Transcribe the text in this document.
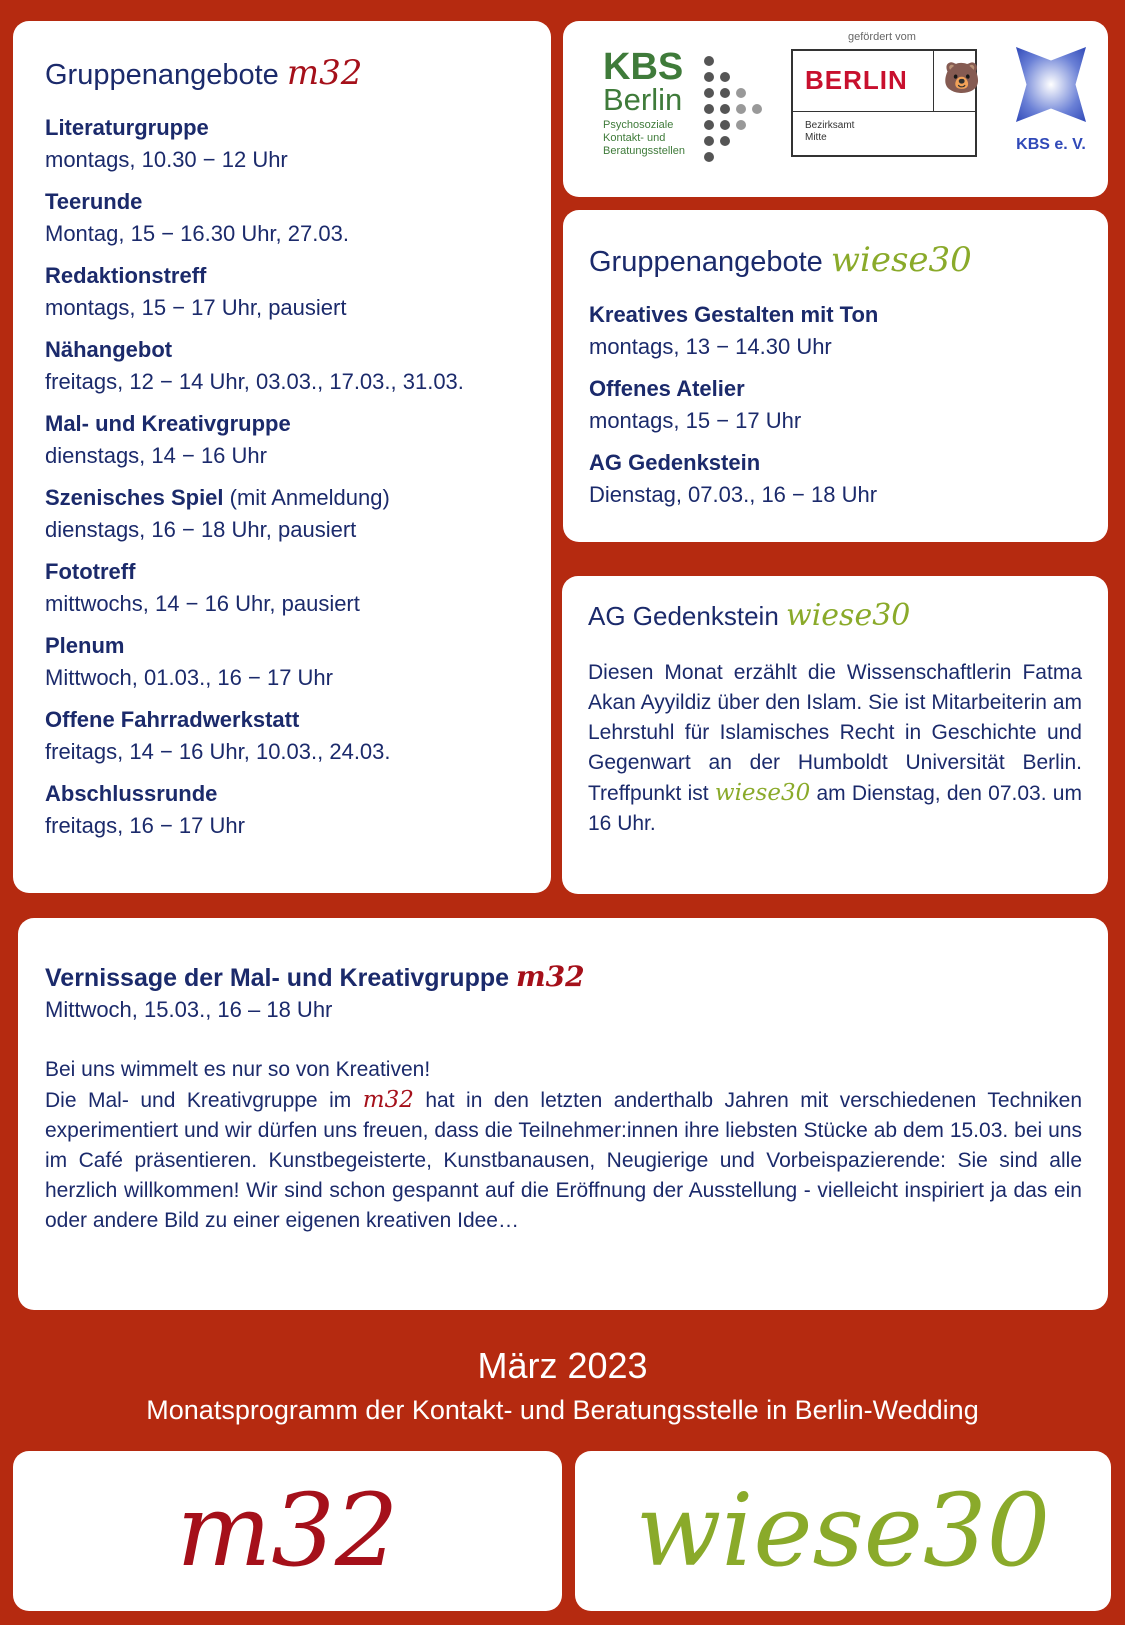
Gruppenangebote m32
Literaturgruppe
montags, 10.30 − 12 Uhr
Teerunde
Montag, 15 − 16.30 Uhr, 27.03.
Redaktionstreff
montags, 15 − 17 Uhr, pausiert
Nähangebot
freitags, 12 − 14 Uhr, 03.03., 17.03., 31.03.
Mal- und Kreativgruppe
dienstags, 14 − 16 Uhr
Szenisches Spiel (mit Anmeldung)
dienstags, 16 − 18 Uhr, pausiert
Fototreff
mittwochs, 14 − 16 Uhr, pausiert
Plenum
Mittwoch, 01.03., 16 − 17 Uhr
Offene Fahrradwerkstatt
freitags, 14 − 16 Uhr, 10.03., 24.03.
Abschlussrunde
freitags, 16 − 17 Uhr
gefördert vom
KBS
Berlin
Psychosoziale
Kontakt- und
Beratungsstellen
BERLIN 🐻
Bezirksamt
Mitte	KBS e. V.
Gruppenangebote wiese30
Kreatives Gestalten mit Ton
montags, 13 − 14.30 Uhr
Offenes Atelier
montags, 15 − 17 Uhr
AG Gedenkstein
Dienstag, 07.03., 16 − 18 Uhr
AG Gedenkstein wiese30

Diesen Monat erzählt die Wissenschaftlerin Fatma Akan Ayyildiz über den Islam. Sie ist Mitarbeiterin am Lehrstuhl für Islamisches Recht in Geschichte und Gegenwart an der Humboldt Universität Berlin. Treffpunkt ist wiese30 am Dienstag, den 07.03. um 16 Uhr.

Vernissage der Mal- und Kreativgruppe m32

Mittwoch, 15.03., 16 – 18 Uhr

Bei uns wimmelt es nur so von Kreativen!

Die Mal- und Kreativgruppe im m32 hat in den letzten anderthalb Jahren mit verschiedenen Techniken experimentiert und wir dürfen uns freuen, dass die Teilnehmer:innen ihre liebsten Stücke ab dem 15.03. bei uns im Café präsentieren. Kunstbegeisterte, Kunstbanausen, Neugierige und Vorbeispazierende: Sie sind alle herzlich willkommen! Wir sind schon gespannt auf die Eröffnung der Ausstellung - vielleicht inspiriert ja das ein oder andere Bild zu einer eigenen kreativen Idee…

März 2023
Monatsprogramm der Kontakt- und Beratungsstelle in Berlin-Wedding
m32	wiese30
